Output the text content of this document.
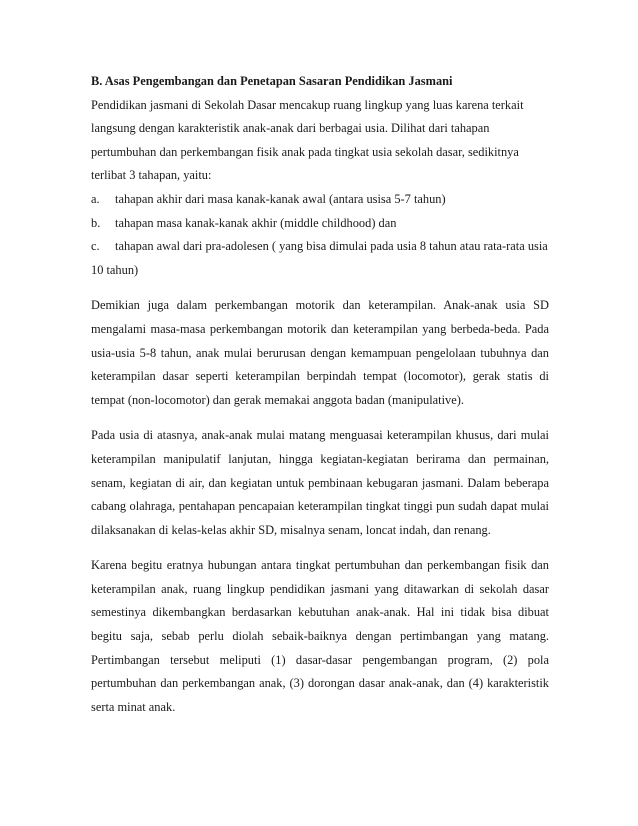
B. Asas Pengembangan dan Penetapan Sasaran Pendidikan Jasmani

Pendidikan jasmani di Sekolah Dasar mencakup ruang lingkup yang luas karena terkait langsung dengan karakteristik anak-anak dari berbagai usia. Dilihat dari tahapan pertumbuhan dan perkembangan fisik anak pada tingkat usia sekolah dasar, sedikitnya terlibat 3 tahapan, yaitu:

a. tahapan akhir dari masa kanak-kanak awal (antara usisa 5-7 tahun)
b. tahapan masa kanak-kanak akhir (middle childhood) dan
c. tahapan awal dari pra-adolesen ( yang bisa dimulai pada usia 8 tahun atau rata-rata usia 10 tahun)

Demikian juga dalam perkembangan motorik dan keterampilan. Anak-anak usia SD mengalami masa-masa perkembangan motorik dan keterampilan yang berbeda-beda. Pada usia-usia 5-8 tahun, anak mulai berurusan dengan kemampuan pengelolaan tubuhnya dan keterampilan dasar seperti keterampilan berpindah tempat (locomotor), gerak statis di tempat (non-locomotor) dan gerak memakai anggota badan (manipulative).

Pada usia di atasnya, anak-anak mulai matang menguasai keterampilan khusus, dari mulai keterampilan manipulatif lanjutan, hingga kegiatan-kegiatan berirama dan permainan, senam, kegiatan di air, dan kegiatan untuk pembinaan kebugaran jasmani. Dalam beberapa cabang olahraga, pentahapan pencapaian keterampilan tingkat tinggi pun sudah dapat mulai dilaksanakan di kelas-kelas akhir SD, misalnya senam, loncat indah, dan renang.

Karena begitu eratnya hubungan antara tingkat pertumbuhan dan perkembangan fisik dan keterampilan anak, ruang lingkup pendidikan jasmani yang ditawarkan di sekolah dasar semestinya dikembangkan berdasarkan kebutuhan anak-anak. Hal ini tidak bisa dibuat begitu saja, sebab perlu diolah sebaik-baiknya dengan pertimbangan yang matang. Pertimbangan tersebut meliputi (1) dasar-dasar pengembangan program, (2) pola pertumbuhan dan perkembangan anak, (3) dorongan dasar anak-anak, dan (4) karakteristik serta minat anak.
